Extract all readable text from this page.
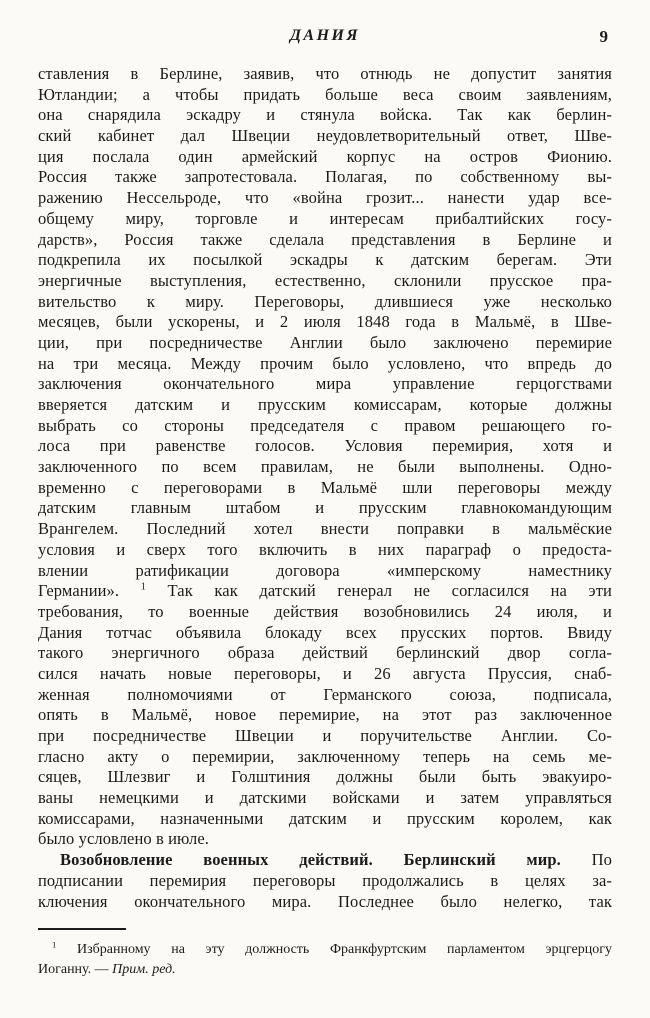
ДАНИЯ	9
ставления в Берлине, заявив, что отнюдь не допустит занятия
Ютландии; а чтобы придать больше веса своим заявлениям,
она снарядила эскадру и стянула войска. Так как берлин-
ский кабинет дал Швеции неудовлетворительный ответ, Шве-
ция послала один армейский корпус на остров Фионию.
Россия также запротестовала. Полагая, по собственному вы-
ражению Нессельроде, что «война грозит... нанести удар все-
общему миру, торговле и интересам прибалтийских госу-
дарств», Россия также сделала представления в Берлине и
подкрепила их посылкой эскадры к датским берегам. Эти
энергичные выступления, естественно, склонили прусское пра-
вительство к миру. Переговоры, длившиеся уже несколько
месяцев, были ускорены, и 2 июля 1848 года в Мальмё, в Шве-
ции, при посредничестве Англии было заключено перемирие
на три месяца. Между прочим было условлено, что впредь до
заключения окончательного мира управление герцогствами
вверяется датским и прусским комиссарам, которые должны
выбрать со стороны председателя с правом решающего го-
лоса при равенстве голосов. Условия перемирия, хотя и
заключенного по всем правилам, не были выполнены. Одно-
временно с переговорами в Мальмё шли переговоры между
датским главным штабом и прусским главнокомандующим
Врангелем. Последний хотел внести поправки в мальмёские
условия и сверх того включить в них параграф о предоста-
влении ратификации договора «имперскому наместнику
Германии». $^1$ Так как датский генерал не согласился на эти
требования, то военные действия возобновились 24 июля, и
Дания тотчас объявила блокаду всех прусских портов. Ввиду
такого энергичного образа действий берлинский двор согла-
сился начать новые переговоры, и 26 августа Пруссия, снаб-
женная полномочиями от Германского союза, подписала,
опять в Мальмё, новое перемирие, на этот раз заключенное
при посредничестве Швеции и поручительстве Англии. Со-
гласно акту о перемирии, заключенному теперь на семь ме-
сяцев, Шлезвиг и Голштиния должны были быть эвакуиро-
ваны немецкими и датскими войсками и затем управляться
комиссарами, назначенными датским и прусским королем, как
было условлено в июле.
Возобновление военных действий. Берлинский мир. По
подписании перемирия переговоры продолжались в целях за-
ключения окончательного мира. Последнее было нелегко, так
$^1$ Избранному на эту должность Франкфуртским парламентом эрцгерцогу
Иоганну. — Прим. ред.
